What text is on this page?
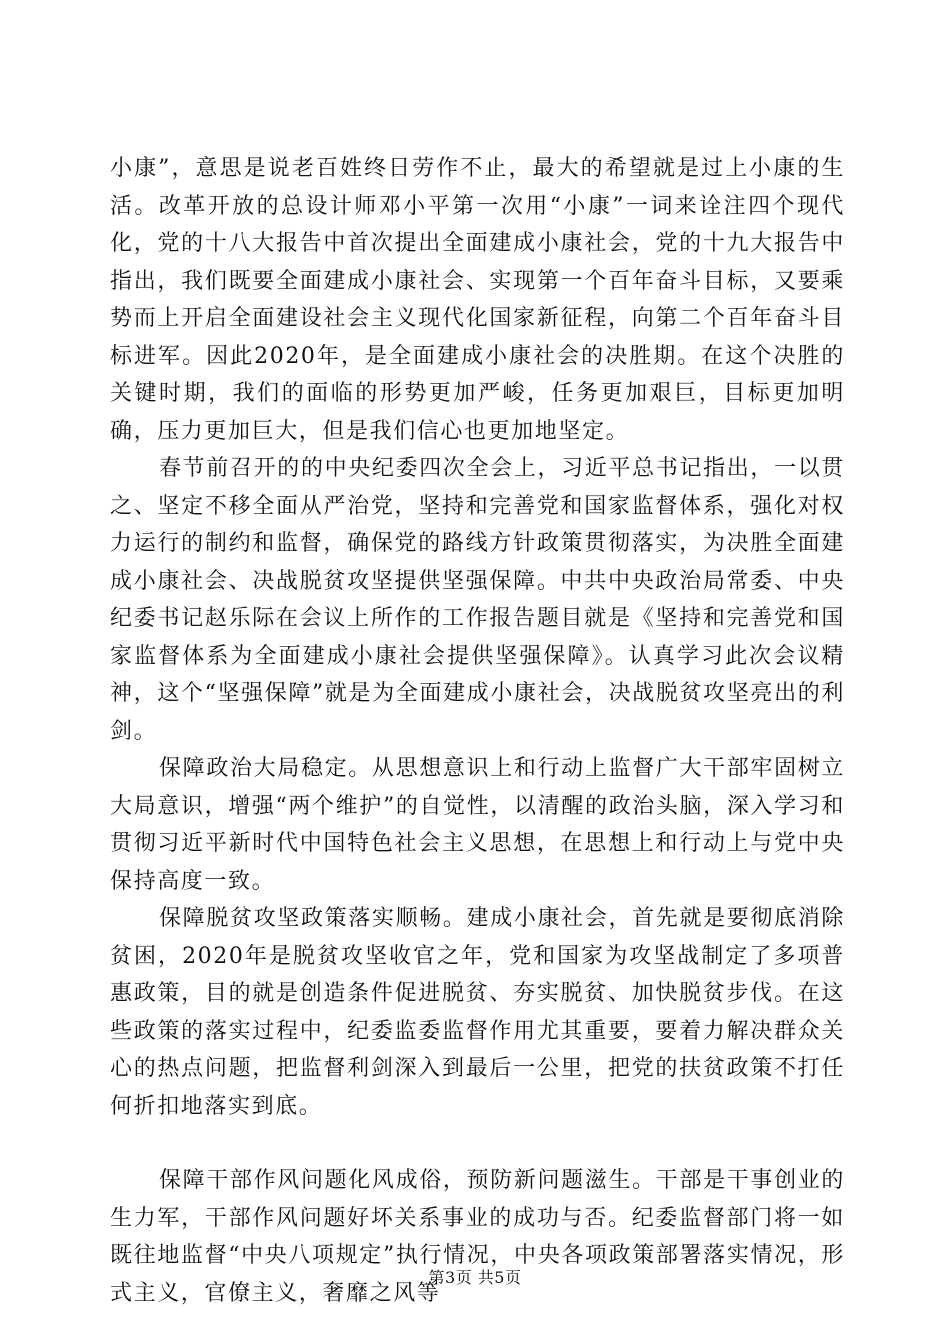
小康”，意思是说老百姓终日劳作不止，最大的希望就是过上小康的生活。改革开放的总设计师邓小平第一次用“小康”一词来诠注四个现代化，党的十八大报告中首次提出全面建成小康社会，党的十九大报告中指出，我们既要全面建成小康社会、实现第一个百年奋斗目标，又要乘势而上开启全面建设社会主义现代化国家新征程，向第二个百年奋斗目标进军。因此2020年，是全面建成小康社会的决胜期。在这个决胜的关键时期，我们的面临的形势更加严峻，任务更加艰巨，目标更加明确，压力更加巨大，但是我们信心也更加地坚定。

春节前召开的的中央纪委四次全会上，习近平总书记指出，一以贯之、坚定不移全面从严治党，坚持和完善党和国家监督体系，强化对权力运行的制约和监督，确保党的路线方针政策贯彻落实，为决胜全面建成小康社会、决战脱贫攻坚提供坚强保障。中共中央政治局常委、中央纪委书记赵乐际在会议上所作的工作报告题目就是《坚持和完善党和国家监督体系为全面建成小康社会提供坚强保障》。认真学习此次会议精神，这个“坚强保障”就是为全面建成小康社会，决战脱贫攻坚亮出的利剑。

保障政治大局稳定。从思想意识上和行动上监督广大干部牢固树立大局意识，增强“两个维护”的自觉性，以清醒的政治头脑，深入学习和贯彻习近平新时代中国特色社会主义思想，在思想上和行动上与党中央保持高度一致。

保障脱贫攻坚政策落实顺畅。建成小康社会，首先就是要彻底消除贫困，2020年是脱贫攻坚收官之年，党和国家为攻坚战制定了多项普惠政策，目的就是创造条件促进脱贫、夯实脱贫、加快脱贫步伐。在这些政策的落实过程中，纪委监委监督作用尤其重要，要着力解决群众关心的热点问题，把监督利剑深入到最后一公里，把党的扶贫政策不打任何折扣地落实到底。

保障干部作风问题化风成俗，预防新问题滋生。干部是干事创业的生力军，干部作风问题好坏关系事业的成功与否。纪委监督部门将一如既往地监督“中央八项规定”执行情况，中央各项政策部署落实情况，形式主义，官僚主义，奢靡之风等

第3页 共5页
